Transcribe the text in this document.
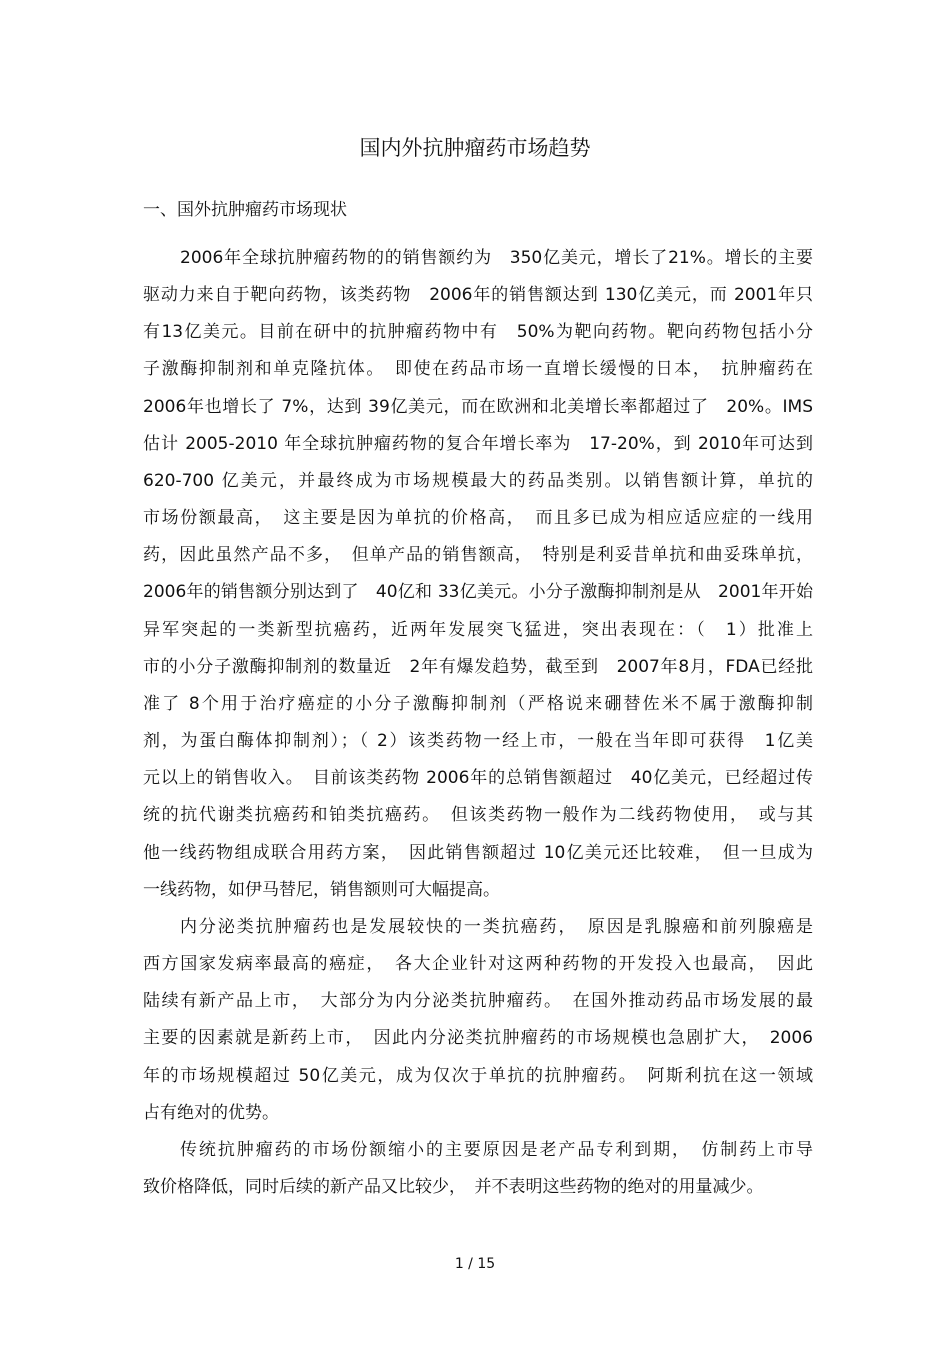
国内外抗肿瘤药市场趋势
一、国外抗肿瘤药市场现状
2006年全球抗肿瘤药物的的销售额约为　350亿美元，增长了21%。增长的主要
驱动力来自于靶向药物，该类药物　2006年的销售额达到 130亿美元，而 2001年只
有13亿美元。目前在研中的抗肿瘤药物中有　50%为靶向药物。靶向药物包括小分
子激酶抑制剂和单克隆抗体。　即使在药品市场一直增长缓慢的日本，　抗肿瘤药在
2006年也增长了 7%，达到 39亿美元，而在欧洲和北美增长率都超过了　20%。IMS
估计 2005-2010 年全球抗肿瘤药物的复合年增长率为　17-20%，到 2010年可达到
620-700 亿美元，并最终成为市场规模最大的药品类别。以销售额计算，单抗的
市场份额最高，　这主要是因为单抗的价格高，　而且多已成为相应适应症的一线用
药，因此虽然产品不多，　但单产品的销售额高，　特别是利妥昔单抗和曲妥珠单抗，
2006年的销售额分别达到了　40亿和 33亿美元。小分子激酶抑制剂是从　2001年开始
异军突起的一类新型抗癌药，近两年发展突飞猛进，突出表现在：（　1）批准上
市的小分子激酶抑制剂的数量近　2年有爆发趋势，截至到　2007年8月，FDA已经批
准了 8个用于治疗癌症的小分子激酶抑制剂（严格说来硼替佐米不属于激酶抑制
剂，为蛋白酶体抑制剂）；（ 2）该类药物一经上市，一般在当年即可获得　1亿美
元以上的销售收入。　目前该类药物 2006年的总销售额超过　40亿美元，已经超过传
统的抗代谢类抗癌药和铂类抗癌药。　但该类药物一般作为二线药物使用，　或与其
他一线药物组成联合用药方案，　因此销售额超过 10亿美元还比较难，　但一旦成为
一线药物，如伊马替尼，销售额则可大幅提高。
内分泌类抗肿瘤药也是发展较快的一类抗癌药，　原因是乳腺癌和前列腺癌是
西方国家发病率最高的癌症，　各大企业针对这两种药物的开发投入也最高，　因此
陆续有新产品上市，　大部分为内分泌类抗肿瘤药。　在国外推动药品市场发展的最
主要的因素就是新药上市，　因此内分泌类抗肿瘤药的市场规模也急剧扩大，　2006
年的市场规模超过 50亿美元，成为仅次于单抗的抗肿瘤药。　阿斯利抗在这一领域
占有绝对的优势。
传统抗肿瘤药的市场份额缩小的主要原因是老产品专利到期，　仿制药上市导
致价格降低，同时后续的新产品又比较少，　并不表明这些药物的绝对的用量减少。
1 / 15
